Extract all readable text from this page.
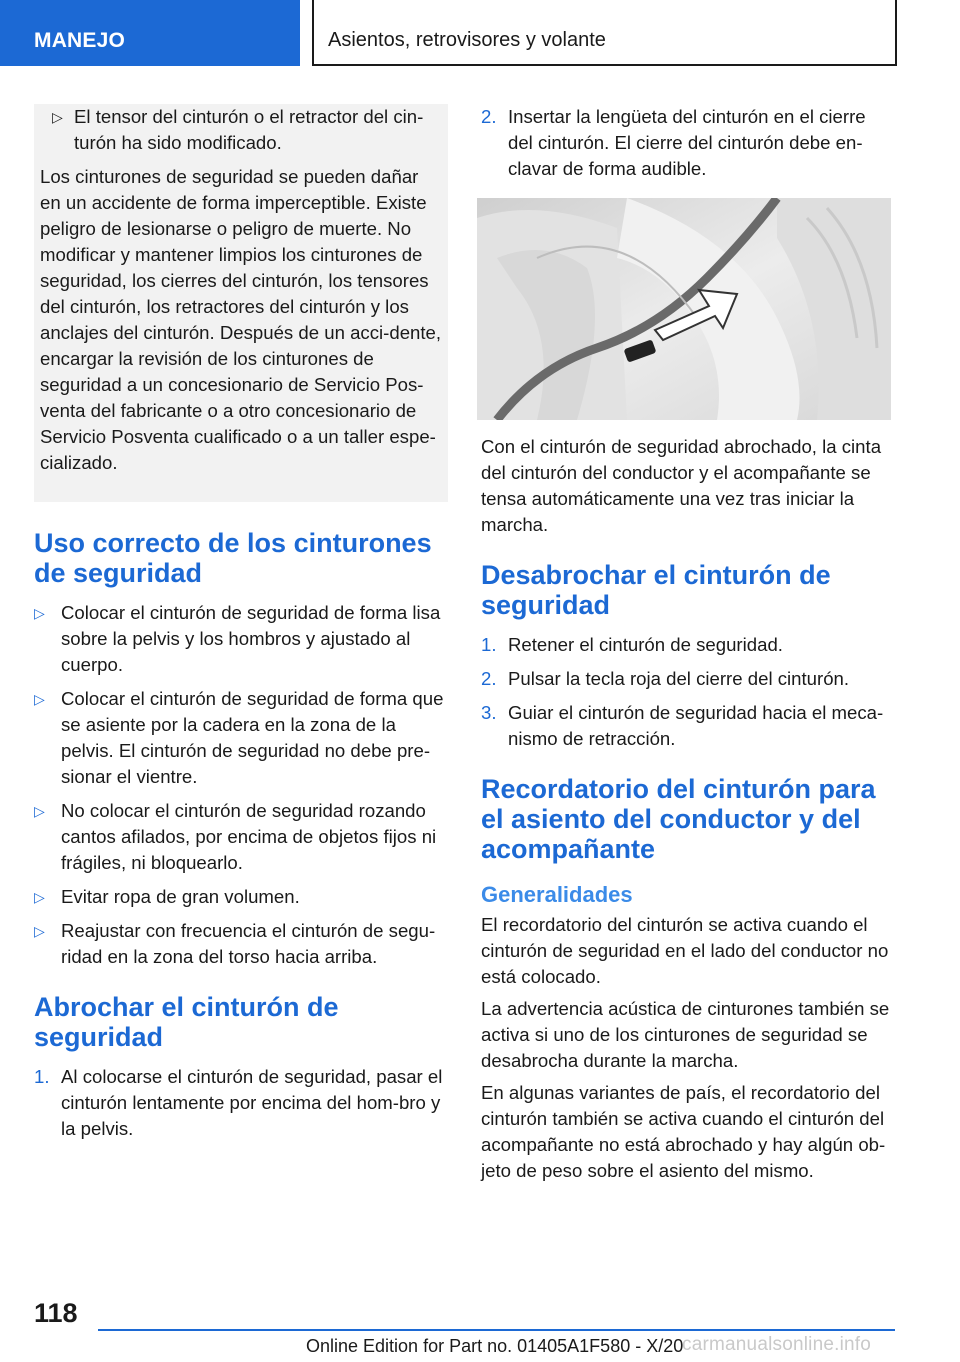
MANEJO	Asientos, retrovisores y volante
▷ El tensor del cinturón o el retractor del cin-turón ha sido modificado.

Los cinturones de seguridad se pueden dañar en un accidente de forma imperceptible. Existe peligro de lesionarse o peligro de muerte. No modificar y mantener limpios los cinturones de seguridad, los cierres del cinturón, los tensores del cinturón, los retractores del cinturón y los anclajes del cinturón. Después de un acci-dente, encargar la revisión de los cinturones de seguridad a un concesionario de Servicio Pos-venta del fabricante o a otro concesionario de Servicio Posventa cualificado o a un taller espe-cializado.

Uso correcto de los cinturones de seguridad
▷ Colocar el cinturón de seguridad de forma lisa sobre la pelvis y los hombros y ajustado al cuerpo.
▷ Colocar el cinturón de seguridad de forma que se asiente por la cadera en la zona de la pelvis. El cinturón de seguridad no debe pre-sionar el vientre.
▷ No colocar el cinturón de seguridad rozando cantos afilados, por encima de objetos fijos ni frágiles, ni bloquearlo.
▷ Evitar ropa de gran volumen.
▷ Reajustar con frecuencia el cinturón de segu-ridad en la zona del torso hacia arriba.
Abrochar el cinturón de seguridad
1. Al colocarse el cinturón de seguridad, pasar el cinturón lentamente por encima del hom-bro y la pelvis.
2. Insertar la lengüeta del cinturón en el cierre del cinturón. El cierre del cinturón debe en-clavar de forma audible.

Con el cinturón de seguridad abrochado, la cinta del cinturón del conductor y el acompañante se tensa automáticamente una vez tras iniciar la marcha.

Desabrochar el cinturón de seguridad
1. Retener el cinturón de seguridad.
2. Pulsar la tecla roja del cierre del cinturón.
3. Guiar el cinturón de seguridad hacia el meca-nismo de retracción.
Recordatorio del cinturón para el asiento del conductor y del acompañante
Generalidades

El recordatorio del cinturón se activa cuando el cinturón de seguridad en el lado del conductor no está colocado.

La advertencia acústica de cinturones también se activa si uno de los cinturones de seguridad se desabrocha durante la marcha.

En algunas variantes de país, el recordatorio del cinturón también se activa cuando el cinturón del acompañante no está abrochado y hay algún ob-jeto de peso sobre el asiento del mismo.

118
Online Edition for Part no. 01405A1F580 - X/20
carmanualsonline.info
